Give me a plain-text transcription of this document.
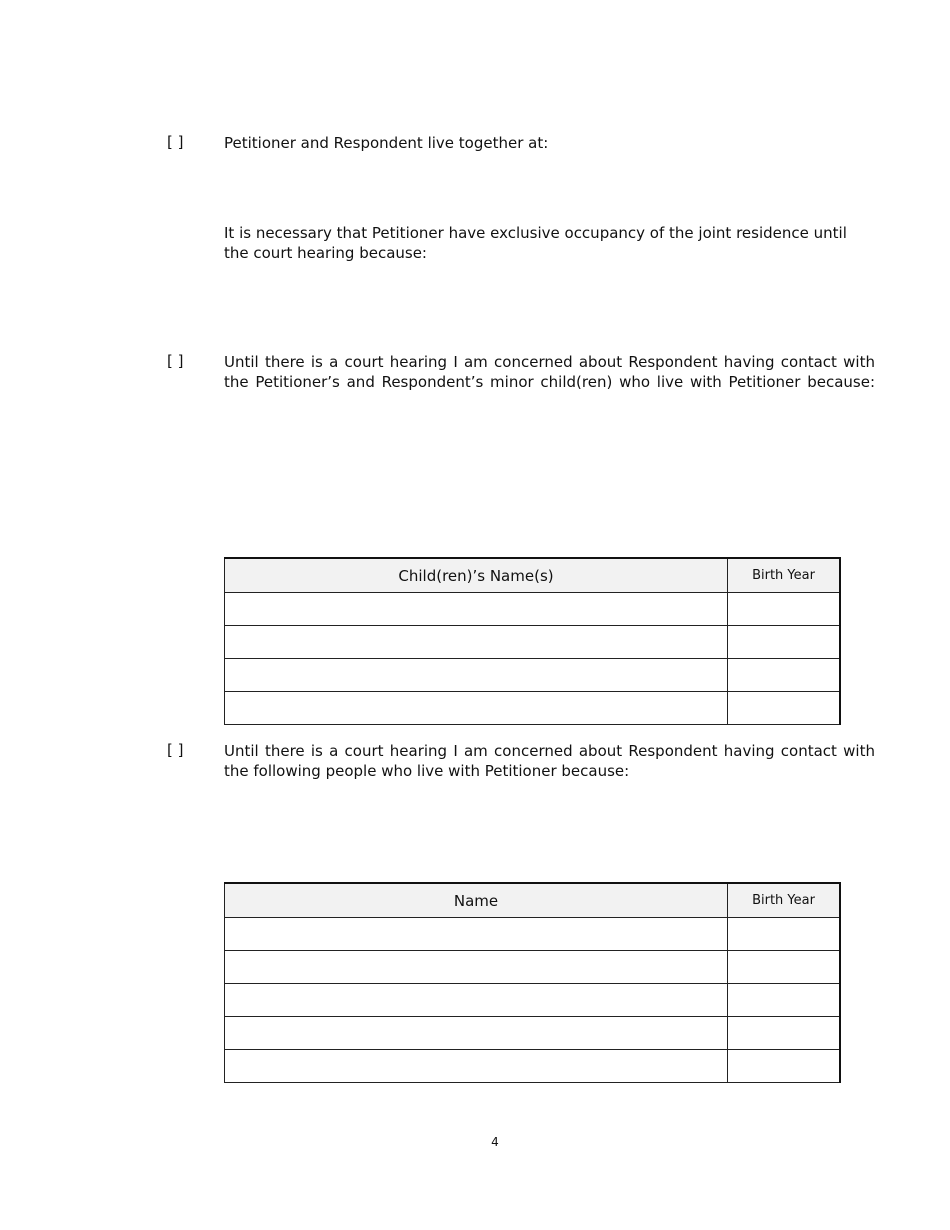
[ ]	Petitioner and Respondent live together at:
It is necessary that Petitioner have exclusive occupancy of the joint residence until
the court hearing because:
[ ]	Until there is a court hearing I am concerned about Respondent having contact with
the Petitioner’s and Respondent’s minor child(ren) who live with Petitioner because:
Child(ren)’s Name(s)	Birth Year

[ ]	Until there is a court hearing I am concerned about Respondent having contact with
the following people who live with Petitioner because:
Name	Birth Year

4
